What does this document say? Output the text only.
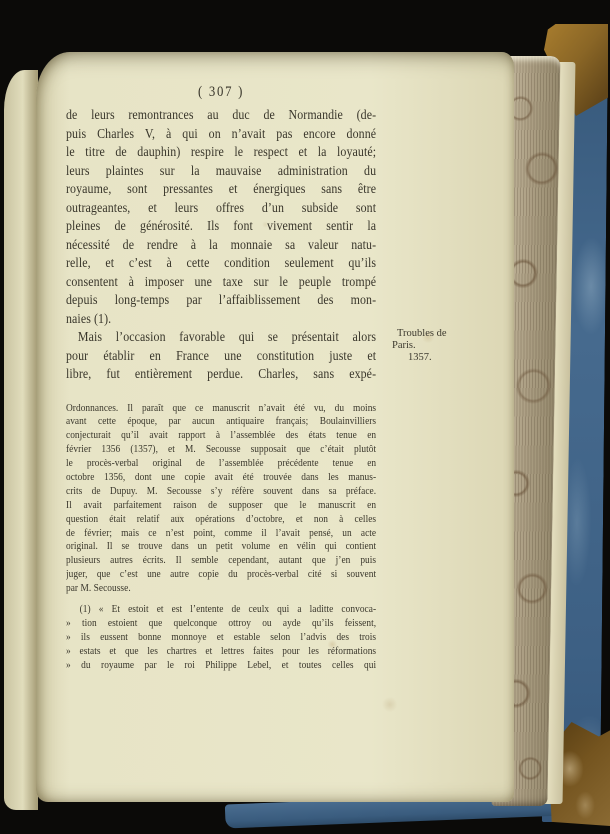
( 307 )
de leurs remontrances au duc de Normandie (de-
puis Charles V, à qui on n’avait pas encore donné
le titre de dauphin) respire le respect et la loyauté;
leurs plaintes sur la mauvaise administration du
royaume, sont pressantes et énergiques sans être
outrageantes, et leurs offres d’un subside sont
pleines de générosité. Ils font vivement sentir la
nécessité de rendre à la monnaie sa valeur natu-
relle, et c’est à cette condition seulement qu’ils
consentent à imposer une taxe sur le peuple trompé
depuis long-temps par l’affaiblissement des mon-
naies (1).
Mais l’occasion favorable qui se présentait alors
pour établir en France une constitution juste et
libre, fut entièrement perdue. Charles, sans expé-
Ordonnances. Il paraît que ce manuscrit n’avait été vu, du moins
avant cette époque, par aucun antiquaire français; Boulainvilliers
conjecturait qu’il avait rapport à l’assemblée des états tenue en
février 1356 (1357), et M. Secousse supposait que c’était plutôt
le procès-verbal original de l’assemblée précédente tenue en
octobre 1356, dont une copie avait été trouvée dans les manus-
crits de Dupuy. M. Secousse s’y réfère souvent dans sa préface.
Il avait parfaitement raison de supposer que le manuscrit en
question était relatif aux opérations d’octobre, et non à celles
de février; mais ce n’est point, comme il l’avait pensé, un acte
original. Il se trouve dans un petit volume en vélin qui contient
plusieurs autres écrits. Il semble cependant, autant que j’en puis
juger, que c’est une autre copie du procès-verbal cité si souvent
par M. Secousse.
(1) « Et estoit et est l’entente de ceulx qui a laditte convoca-
» tion estoient que quelconque ottroy ou ayde qu’ils feissent,
» ils eussent bonne monnoye et estable selon l’advis des trois
» estats et que les chartres et lettres faites pour les réformations
» du royaume par le roi Philippe Lebel, et toutes celles qui
Troubles de
Paris.
1357.
